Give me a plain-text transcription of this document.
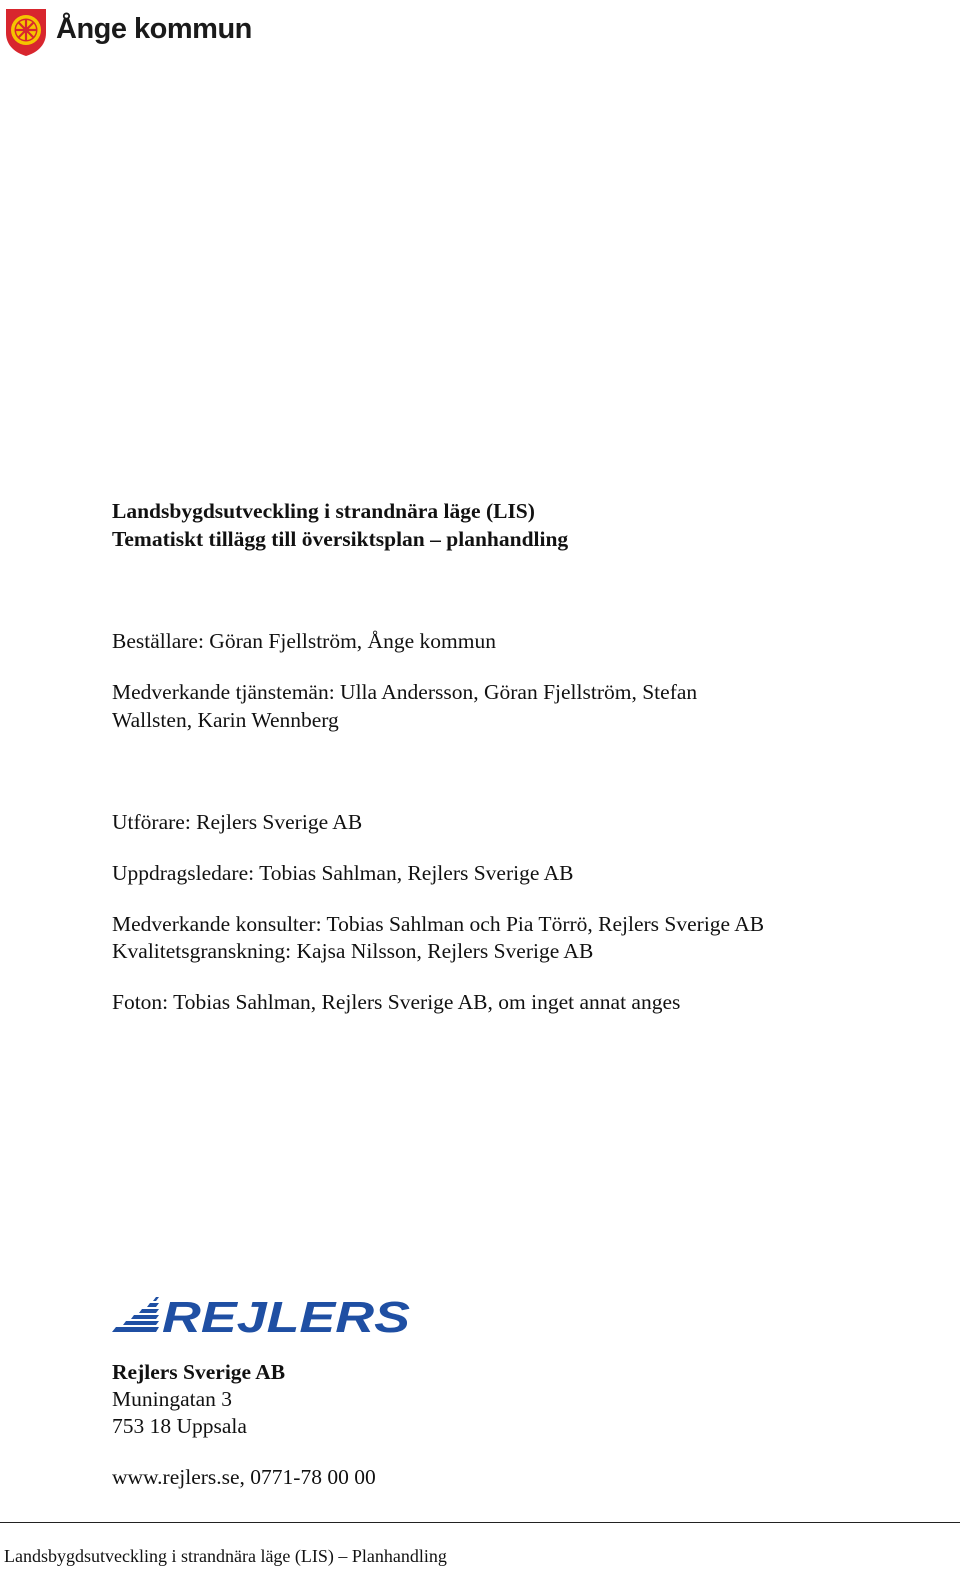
Ånge kommun
Landsbygdsutveckling i strandnära läge (LIS)
Tematiskt tillägg till översiktsplan – planhandling
Beställare: Göran Fjellström, Ånge kommun
Medverkande tjänstemän: Ulla Andersson, Göran Fjellström, Stefan
Wallsten, Karin Wennberg
Utförare: Rejlers Sverige AB
Uppdragsledare: Tobias Sahlman, Rejlers Sverige AB
Medverkande konsulter: Tobias Sahlman och Pia Törrö, Rejlers Sverige AB
Kvalitetsgranskning: Kajsa Nilsson, Rejlers Sverige AB
Foton: Tobias Sahlman, Rejlers Sverige AB, om inget annat anges
REJLERS
Rejlers Sverige AB
Muningatan 3
753 18 Uppsala
www.rejlers.se, 0771-78 00 00
Landsbygdsutveckling i strandnära läge (LIS) – Planhandling
